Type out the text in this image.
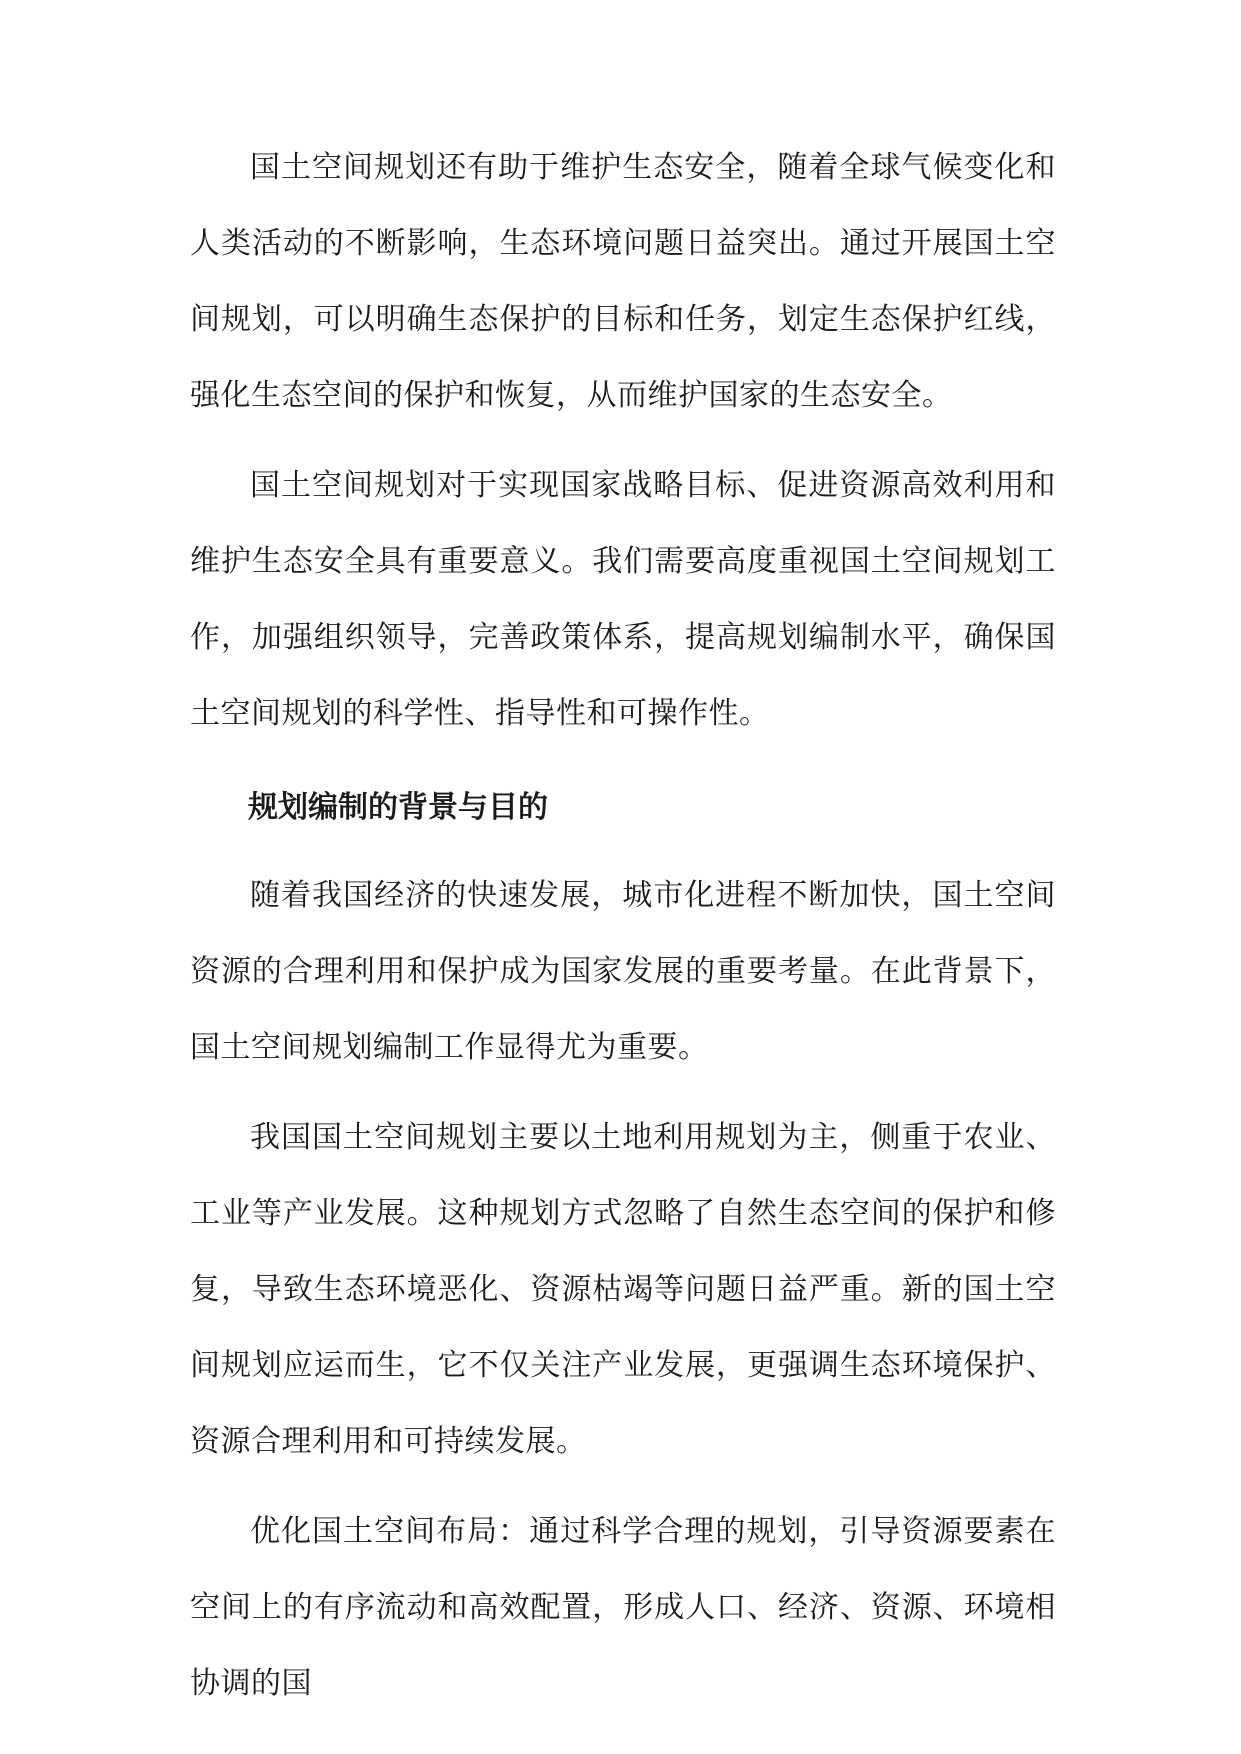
国土空间规划还有助于维护生态安全，随着全球气候变化和人类活动的不断影响，生态环境问题日益突出。通过开展国土空间规划，可以明确生态保护的目标和任务，划定生态保护红线，强化生态空间的保护和恢复，从而维护国家的生态安全。

国土空间规划对于实现国家战略目标、促进资源高效利用和维护生态安全具有重要意义。我们需要高度重视国土空间规划工作，加强组织领导，完善政策体系，提高规划编制水平，确保国土空间规划的科学性、指导性和可操作性。

规划编制的背景与目的

随着我国经济的快速发展，城市化进程不断加快，国土空间资源的合理利用和保护成为国家发展的重要考量。在此背景下，国土空间规划编制工作显得尤为重要。

我国国土空间规划主要以土地利用规划为主，侧重于农业、工业等产业发展。这种规划方式忽略了自然生态空间的保护和修复，导致生态环境恶化、资源枯竭等问题日益严重。新的国土空间规划应运而生，它不仅关注产业发展，更强调生态环境保护、资源合理利用和可持续发展。

优化国土空间布局：通过科学合理的规划，引导资源要素在空间上的有序流动和高效配置，形成人口、经济、资源、环境相协调的国
